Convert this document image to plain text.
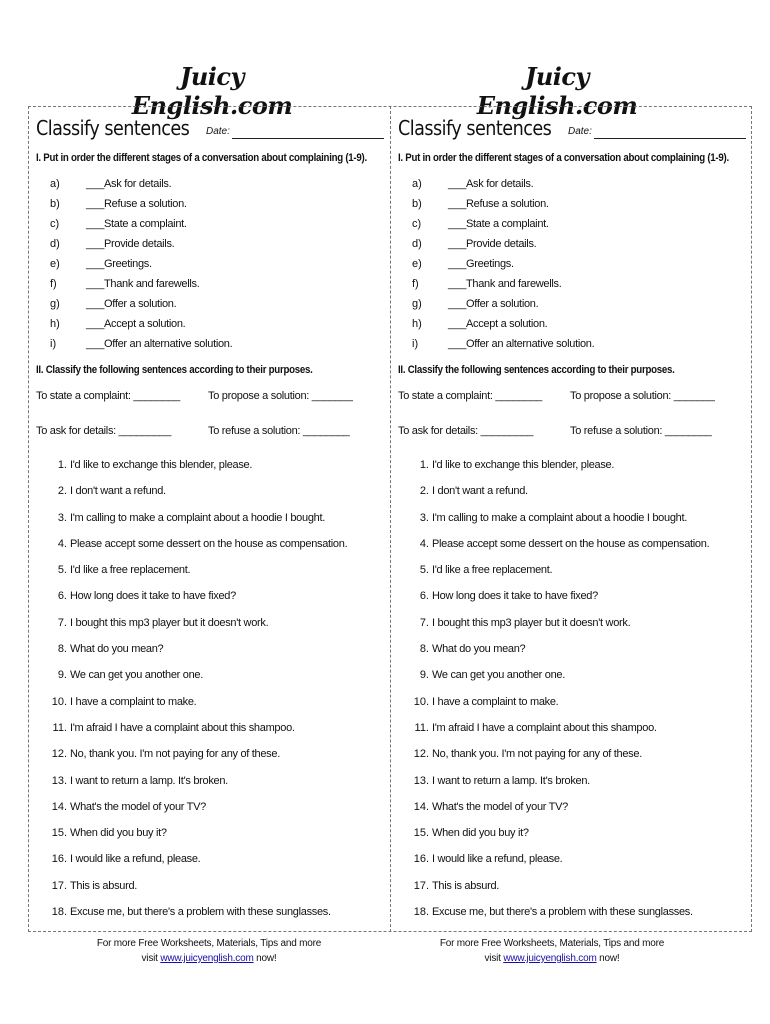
Juicy English.com
Juicy English.com
Classify sentences Date:
I. Put in order the different stages of a conversation about complaining (1-9).
a)	___ Ask for details.
b)	___ Refuse a solution.
c)	___ State a complaint.
d)	___ Provide details.
e)	___ Greetings.
f)	___ Thank and farewells.
g)	___ Offer a solution.
h)	___ Accept a solution.
i)	___ Offer an alternative solution.
II. Classify the following sentences according to their purposes.
To state a complaint: ________	To propose a solution: _______
To ask for details: _________	To refuse a solution: ________
1. I'd like to exchange this blender, please.
2. I don't want a refund.
3. I'm calling to make a complaint about a hoodie I bought.
4. Please accept some dessert on the house as compensation.
5. I'd like a free replacement.
6. How long does it take to have fixed?
7. I bought this mp3 player but it doesn't work.
8. What do you mean?
9. We can get you another one.
10. I have a complaint to make.
11. I'm afraid I have a complaint about this shampoo.
12. No, thank you. I'm not paying for any of these.
13. I want to return a lamp. It's broken.
14. What's the model of your TV?
15. When did you buy it?
16. I would like a refund, please.
17. This is absurd.
18. Excuse me, but there's a problem with these sunglasses.
Classify sentences Date:
I. Put in order the different stages of a conversation about complaining (1-9).
a)	___ Ask for details.
b)	___ Refuse a solution.
c)	___ State a complaint.
d)	___ Provide details.
e)	___ Greetings.
f)	___ Thank and farewells.
g)	___ Offer a solution.
h)	___ Accept a solution.
i)	___ Offer an alternative solution.
II. Classify the following sentences according to their purposes.
To state a complaint: ________	To propose a solution: _______
To ask for details: _________	To refuse a solution: ________
1. I'd like to exchange this blender, please.
2. I don't want a refund.
3. I'm calling to make a complaint about a hoodie I bought.
4. Please accept some dessert on the house as compensation.
5. I'd like a free replacement.
6. How long does it take to have fixed?
7. I bought this mp3 player but it doesn't work.
8. What do you mean?
9. We can get you another one.
10. I have a complaint to make.
11. I'm afraid I have a complaint about this shampoo.
12. No, thank you. I'm not paying for any of these.
13. I want to return a lamp. It's broken.
14. What's the model of your TV?
15. When did you buy it?
16. I would like a refund, please.
17. This is absurd.
18. Excuse me, but there's a problem with these sunglasses.
For more Free Worksheets, Materials, Tips and more
visit www.juicyenglish.com now!
For more Free Worksheets, Materials, Tips and more
visit www.juicyenglish.com now!
